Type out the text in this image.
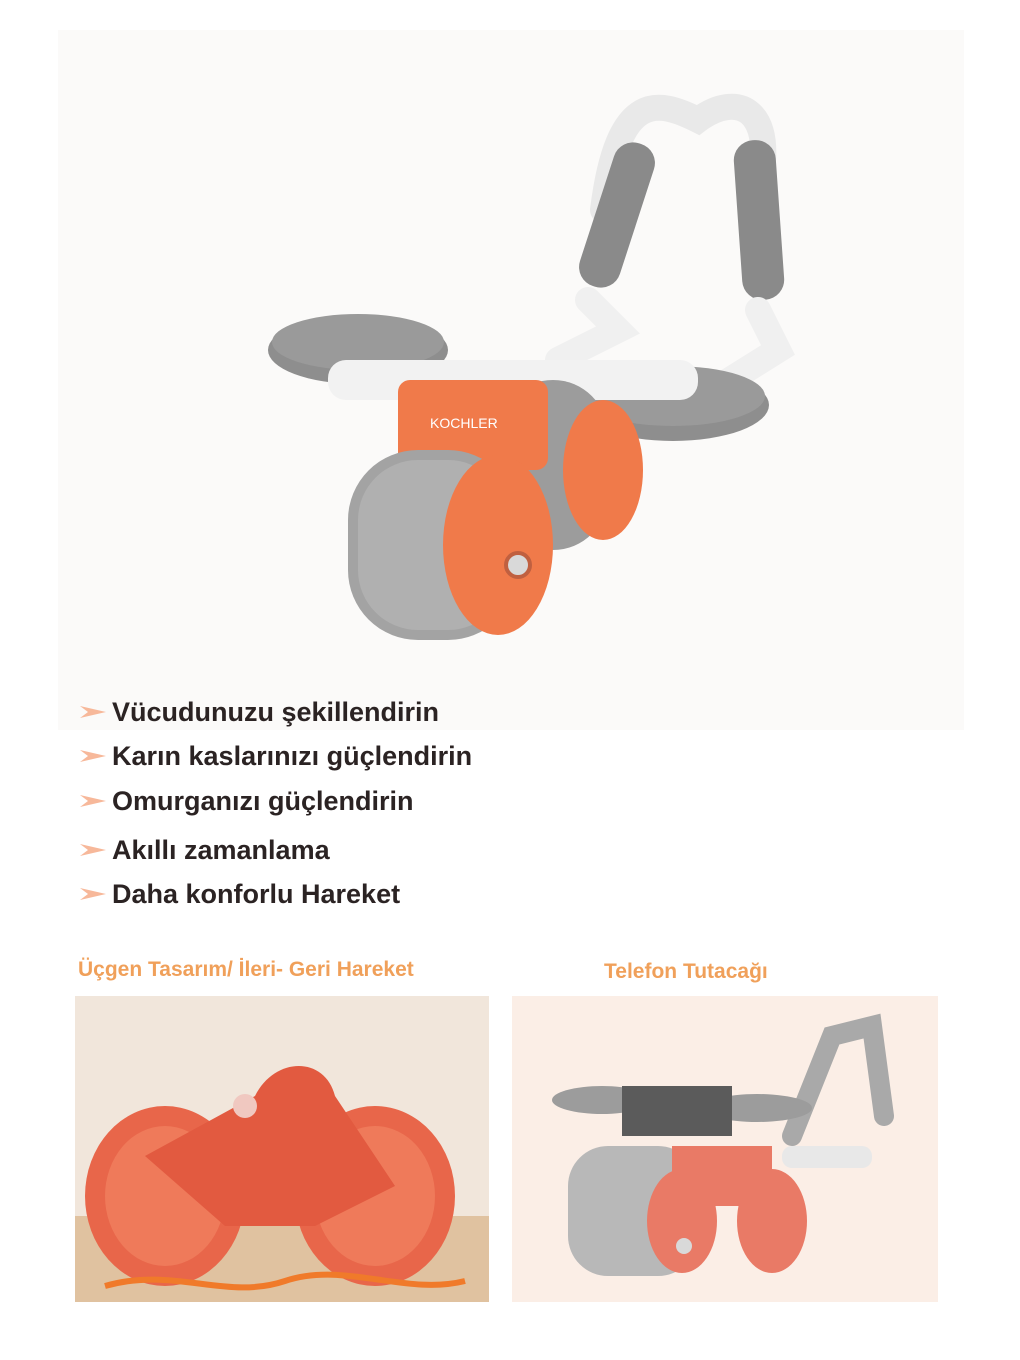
KOCHLER
Vücudunuzu şekillendirin
Karın kaslarınızı güçlendirin
Omurganızı güçlendirin
Akıllı zamanlama
Daha konforlu Hareket
Üçgen Tasarım/ İleri- Geri Hareket	Telefon Tutacağı
